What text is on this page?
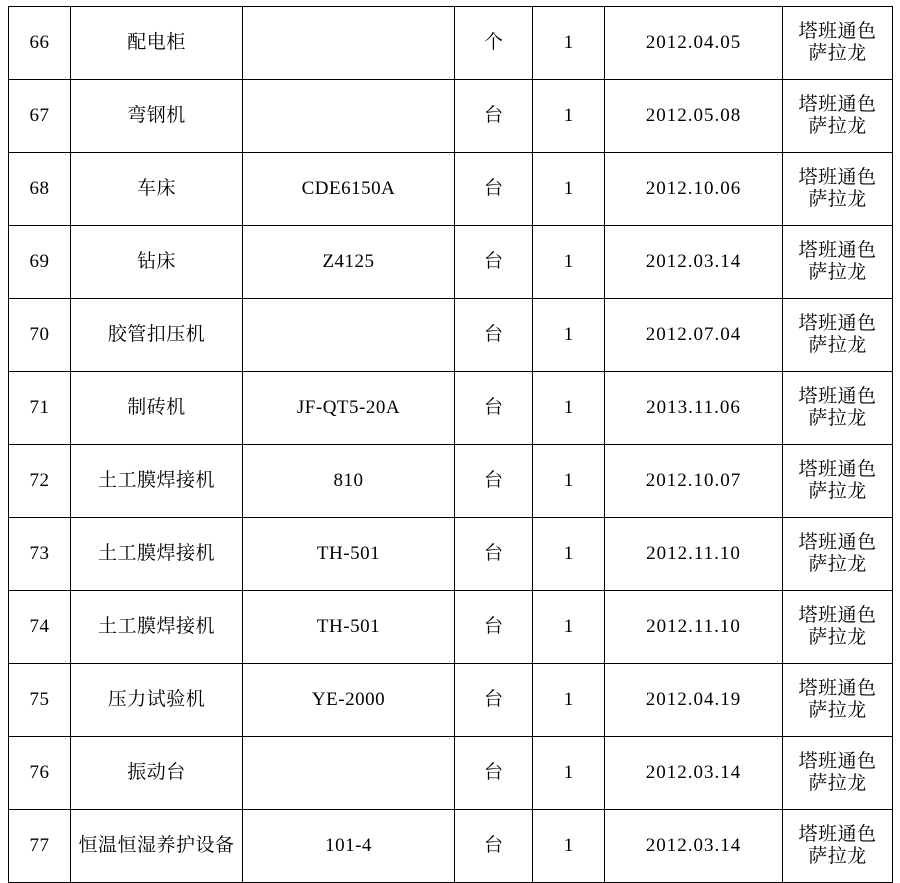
66	配电柜		个	1	2012.04.05	塔班通色
萨拉龙

67	弯钢机		台	1	2012.05.08	塔班通色
萨拉龙

68	车床	CDE6150A	台	1	2012.10.06	塔班通色
萨拉龙

69	钻床	Z4125	台	1	2012.03.14	塔班通色
萨拉龙

70	胶管扣压机		台	1	2012.07.04	塔班通色
萨拉龙

71	制砖机	JF-QT5-20A	台	1	2013.11.06	塔班通色
萨拉龙

72	土工膜焊接机	810	台	1	2012.10.07	塔班通色
萨拉龙

73	土工膜焊接机	TH-501	台	1	2012.11.10	塔班通色
萨拉龙

74	土工膜焊接机	TH-501	台	1	2012.11.10	塔班通色
萨拉龙

75	压力试验机	YE-2000	台	1	2012.04.19	塔班通色
萨拉龙

76	振动台		台	1	2012.03.14	塔班通色
萨拉龙

77	恒温恒湿养护设备	101-4	台	1	2012.03.14	塔班通色
萨拉龙
